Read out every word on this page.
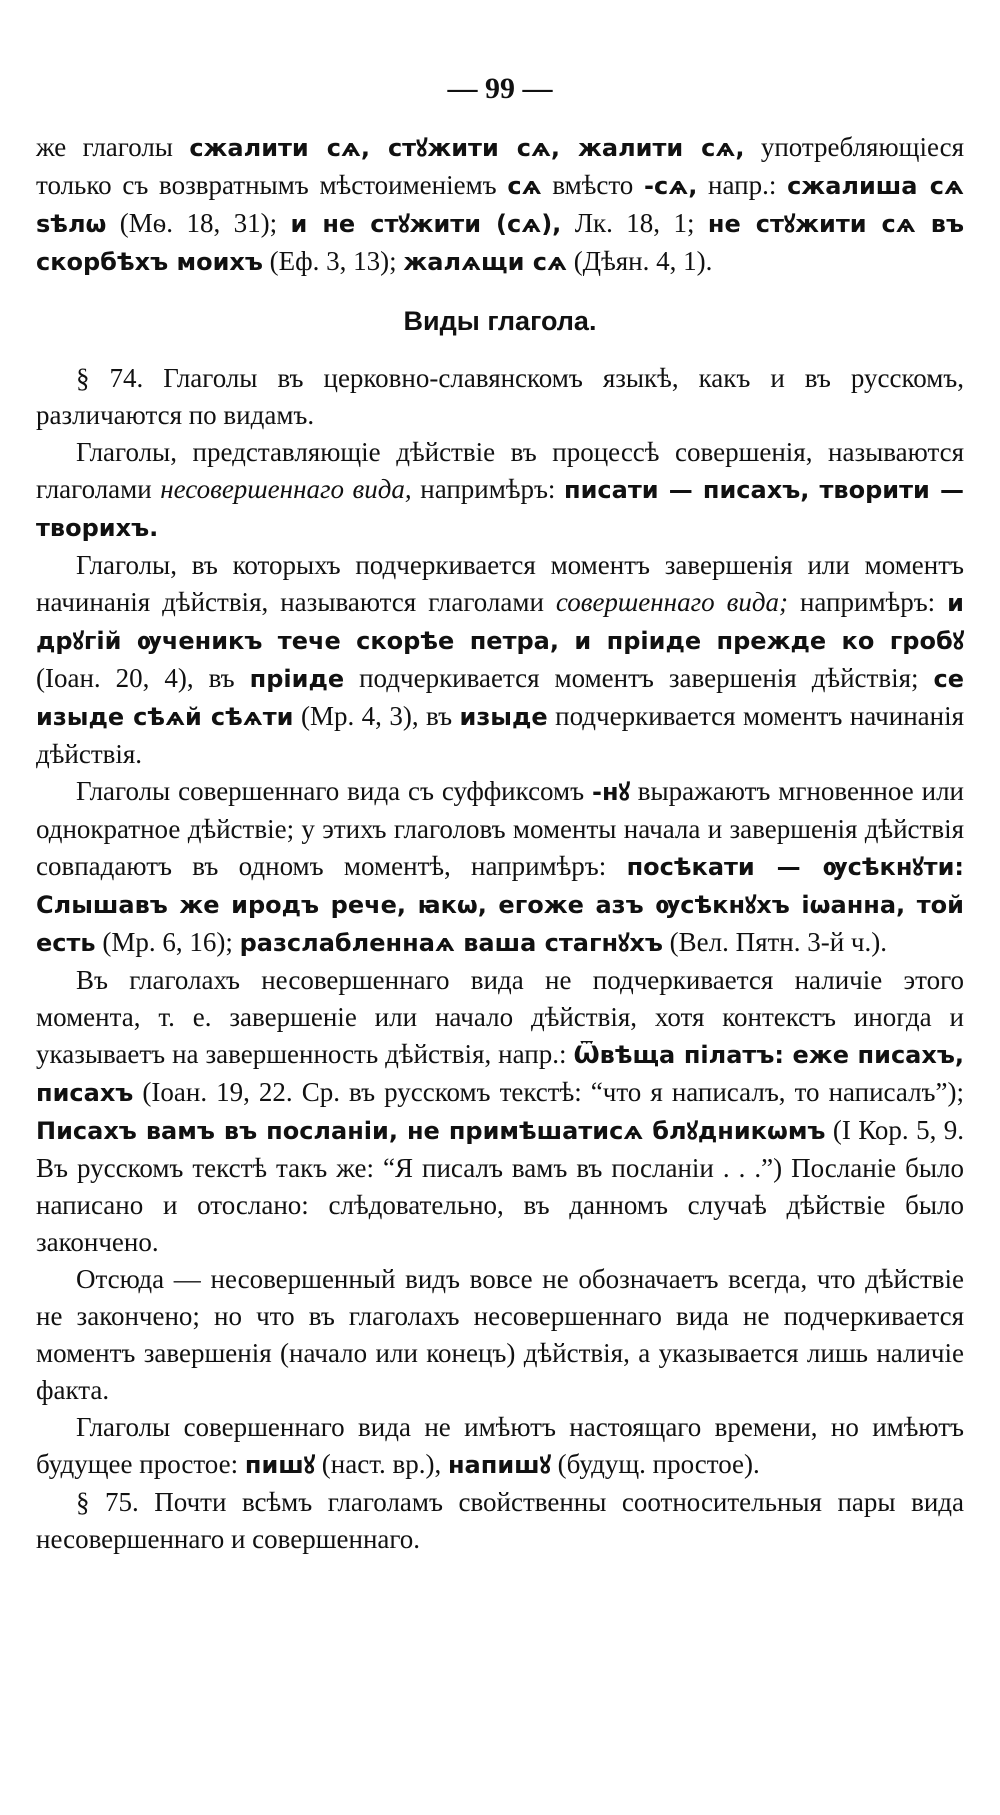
— 99 —

же глаголы сжалити сѧ, стꙋжити сѧ, жалити сѧ, употребляющіеся только съ возвратнымъ мѣстоименіемъ сѧ вмѣсто -сѧ, напр.: сжалиша сѧ ѕѣлѡ (Мѳ. 18, 31); и не стꙋжити (сѧ), Лк. 18, 1; не стꙋжити сѧ въ скорбѣхъ моихъ (Еф. 3, 13); жалѧщи сѧ (Дѣян. 4, 1).

Виды глагола.

§ 74. Глаголы въ церковно-славянскомъ языкѣ, какъ и въ русскомъ, различаются по видамъ.

Глаголы, представляющіе дѣйствіе въ процессѣ совершенія, называются глаголами несовершеннаго вида, напримѣръ: писати — писахъ, творити — творихъ.

Глаголы, въ которыхъ подчеркивается моментъ завершенія или моментъ начинанія дѣйствія, называются глаголами совершеннаго вида; напримѣръ: и дрꙋгій ѹченикъ тече скорѣе петра, и пріиде прежде ко гробꙋ (Іоан. 20, 4), въ пріиде подчеркивается моментъ завершенія дѣйствія; се изыде сѣѧй сѣѧти (Мр. 4, 3), въ изыде подчеркивается моментъ начинанія дѣйствія.

Глаголы совершеннаго вида съ суффиксомъ -нꙋ выражаютъ мгновенное или однократное дѣйствіе; у этихъ глаголовъ моменты начала и завершенія дѣйствія совпадаютъ въ одномъ моментѣ, напримѣръ: посѣкати — ѹсѣкнꙋти: Слышавъ же иродъ рече, ꙗкѡ, егоже азъ ѹсѣкнꙋхъ іѡанна, той есть (Мр. 6, 16); разслабленнаѧ ваша стагнꙋхъ (Вел. Пятн. 3-й ч.).

Въ глаголахъ несовершеннаго вида не подчеркивается наличіе этого момента, т. е. завершеніе или начало дѣйствія, хотя контекстъ иногда и указываетъ на завершенность дѣйствія, напр.: Ѿвѣща пілатъ: еже писахъ, писахъ (Іоан. 19, 22. Ср. въ русскомъ текстѣ: “что я написалъ, то написалъ”); Писахъ вамъ въ посланіи, не примѣшатисѧ блꙋдникѡмъ (І Кор. 5, 9. Въ русскомъ текстѣ такъ же: “Я писалъ вамъ въ посланіи . . .”) Посланіе было написано и отослано: слѣдовательно, въ данномъ случаѣ дѣйствіе было закончено.

Отсюда — несовершенный видъ вовсе не обозначаетъ всегда, что дѣйствіе не закончено; но что въ глаголахъ несовершеннаго вида не подчеркивается моментъ завершенія (начало или конецъ) дѣйствія, а указывается лишь наличіе факта.

Глаголы совершеннаго вида не имѣютъ настоящаго времени, но имѣютъ будущее простое: пишꙋ (наст. вр.), напишꙋ (будущ. простое).

§ 75. Почти всѣмъ глаголамъ свойственны соотносительныя пары вида несовершеннаго и совершеннаго.
